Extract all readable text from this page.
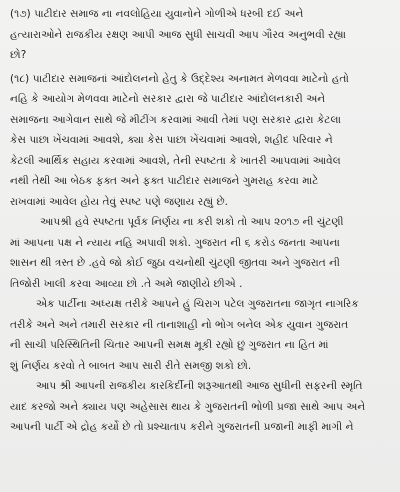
(૧૭) પાટીદાર સમાજ ના નવલોહિયા યુવાનોને ગોળીએ ધરબી દઈ અને
હત્યારાઓને રાજકીય રક્ષણ આપી આજ સુધી સાચવી આપ ગૌરવ અનુભવી રહ્યા
છો?
(૧૮) પાટીદાર સમાજનાં આંદોલનનો હેતુ કે ઉદ્દેશ્ય અનામત મેળવવા માટેનો હતો
નહિ કે આયોગ મેળવવા માટેનો સરકાર દ્વારા જે પાટીદાર આંદોલનકારી અને
સમાજના આગેવાન સાથે જે મીટીંગ કરવામાં આવી તેમાં પણ સરકાર દ્વારા કેટલા
કેસ પાછા ખેંચવામાં આવશે, ક્યા કેસ પાછા ખેંચવામાં આવશે, શહીદ પરિવાર ને
કેટલી આર્થિક સહાય કરવામાં આવશે, તેની સ્પષ્ટતા કે ખાતરી આપવામાં આવેલ
નથી તેથી આ બેઠક ફક્ત અને ફક્ત પાટીદાર સમાજને ગુમરાહ કરવા માટે
રાખવામાં આવેલ હોય તેવું સ્પષ્ટ પણે જણાય રહ્યું છે.
આપશ્રી હવે સ્પષ્ટતા પૂર્વક નિર્ણય ના કરી શકો તો આપ ૨૦૧૭ ની ચુંટણી
માં આપના પક્ષ ને ન્યાય નહિ અપાવી શકો. ગુજરાત ની ૬ કરોડ જનતા આપના
શાસન થી ત્રસ્ત છે .હવે જો કોઈ જુઠા વચનોથી ચુંટણી જીતવા અને ગુજરાત ની
તિજોરી ખાલી કરવા આવ્યા છો .તે અમે જાણીયે છીએ .
એક પાર્ટીના અધ્યક્ષ તરીકે આપને હું ચિરાગ પટેલ ગુજરાતના જાગૃત નાગરિક
તરીકે અને અને તમારી સરકાર ની તાનાશાહી નો ભોગ બનેલ એક યુવાન ગુજરાત
ની સાચી પરિસ્થિતિની ચિતાર આપની સમક્ષ મૂકી રહ્યો છું ગુજરાત ના હિત માં
શું નિર્ણય કરવો તે બાબત આપ સારી રીતે સમજી શકો છો.
આપ શ્રી આપની રાજકીય કારકિર્દીની શરૂઆતથી આજ સુધીની સફરની સ્મૃતિ
યાદ કરજો અને ક્યાય પણ અહેસાસ થાય કે ગુજરાતની ભોળી પ્રજા સાથે આપ અને
આપની પાર્ટી એ દ્રોહ કર્યો છે તો પ્રશ્ચાતાપ કરીને ગુજરાતની પ્રજાની માફી માગી ને
